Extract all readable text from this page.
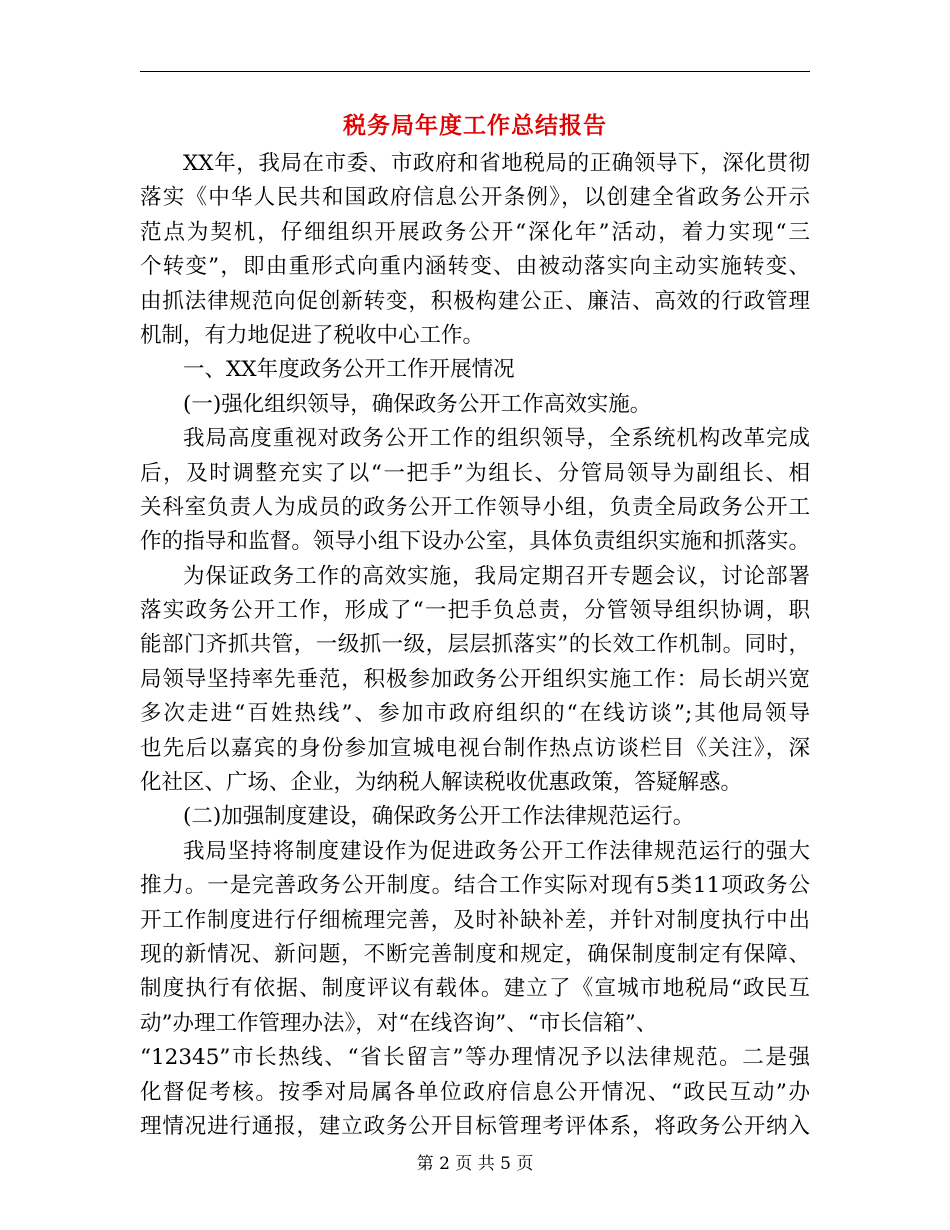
税务局年度工作总结报告
XX年，我局在市委、市政府和省地税局的正确领导下，深化贯彻
落实《中华人民共和国政府信息公开条例》，以创建全省政务公开示
范点为契机，仔细组织开展政务公开“深化年”活动，着力实现“三
个转变”，即由重形式向重内涵转变、由被动落实向主动实施转变、
由抓法律规范向促创新转变，积极构建公正、廉洁、高效的行政管理
机制，有力地促进了税收中心工作。
一、XX年度政务公开工作开展情况
(一)强化组织领导，确保政务公开工作高效实施。
我局高度重视对政务公开工作的组织领导，全系统机构改革完成
后，及时调整充实了以“一把手”为组长、分管局领导为副组长、相
关科室负责人为成员的政务公开工作领导小组，负责全局政务公开工
作的指导和监督。领导小组下设办公室，具体负责组织实施和抓落实。
为保证政务工作的高效实施，我局定期召开专题会议，讨论部署
落实政务公开工作，形成了“一把手负总责，分管领导组织协调，职
能部门齐抓共管，一级抓一级，层层抓落实”的长效工作机制。同时，
局领导坚持率先垂范，积极参加政务公开组织实施工作：局长胡兴宽
多次走进“百姓热线”、参加市政府组织的“在线访谈”;其他局领导
也先后以嘉宾的身份参加宣城电视台制作热点访谈栏目《关注》，深
化社区、广场、企业，为纳税人解读税收优惠政策，答疑解惑。
(二)加强制度建设，确保政务公开工作法律规范运行。
我局坚持将制度建设作为促进政务公开工作法律规范运行的强大
推力。一是完善政务公开制度。结合工作实际对现有5类11项政务公
开工作制度进行仔细梳理完善，及时补缺补差，并针对制度执行中出
现的新情况、新问题，不断完善制度和规定，确保制度制定有保障、
制度执行有依据、制度评议有载体。建立了《宣城市地税局“政民互
动”办理工作管理办法》，对“在线咨询”、“市长信箱”、
“12345”市长热线、“省长留言”等办理情况予以法律规范。二是强
化督促考核。按季对局属各单位政府信息公开情况、“政民互动”办
理情况进行通报，建立政务公开目标管理考评体系，将政务公开纳入
第 2 页 共 5 页
